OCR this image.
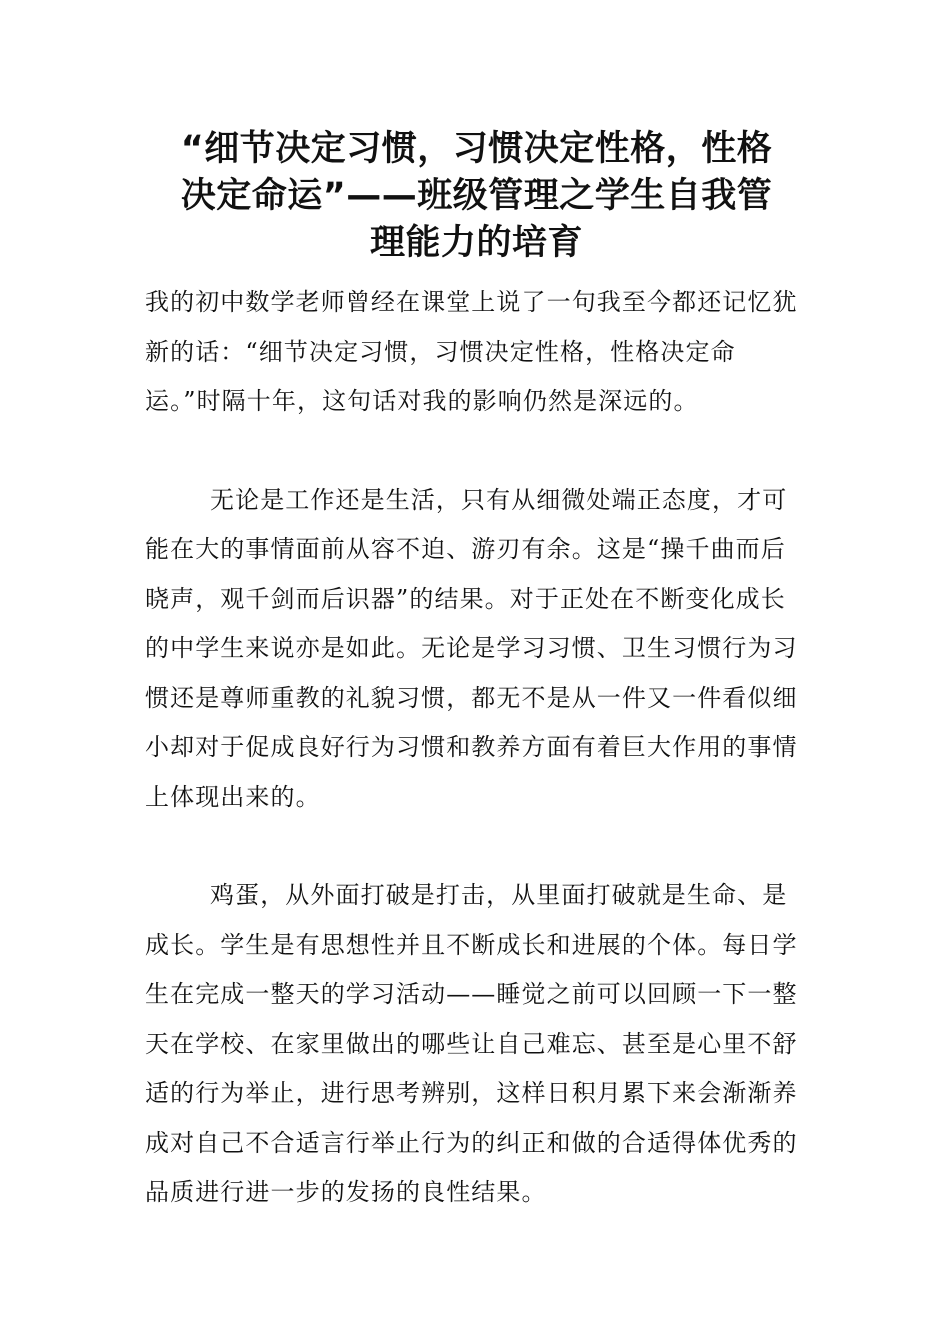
“细节决定习惯，习惯决定性格，性格
决定命运”——班级管理之学生自我管
理能力的培育

我的初中数学老师曾经在课堂上说了一句我至今都还记忆犹新的话：“细节决定习惯，习惯决定性格，性格决定命运。”时隔十年，这句话对我的影响仍然是深远的。

无论是工作还是生活，只有从细微处端正态度，才可能在大的事情面前从容不迫、游刃有余。这是“操千曲而后晓声，观千剑而后识器”的结果。对于正处在不断变化成长的中学生来说亦是如此。无论是学习习惯、卫生习惯行为习惯还是尊师重教的礼貌习惯，都无不是从一件又一件看似细小却对于促成良好行为习惯和教养方面有着巨大作用的事情上体现出来的。

鸡蛋，从外面打破是打击，从里面打破就是生命、是成长。学生是有思想性并且不断成长和进展的个体。每日学生在完成一整天的学习活动——睡觉之前可以回顾一下一整天在学校、在家里做出的哪些让自己难忘、甚至是心里不舒适的行为举止，进行思考辨别，这样日积月累下来会渐渐养成对自己不合适言行举止行为的纠正和做的合适得体优秀的品质进行进一步的发扬的良性结果。
